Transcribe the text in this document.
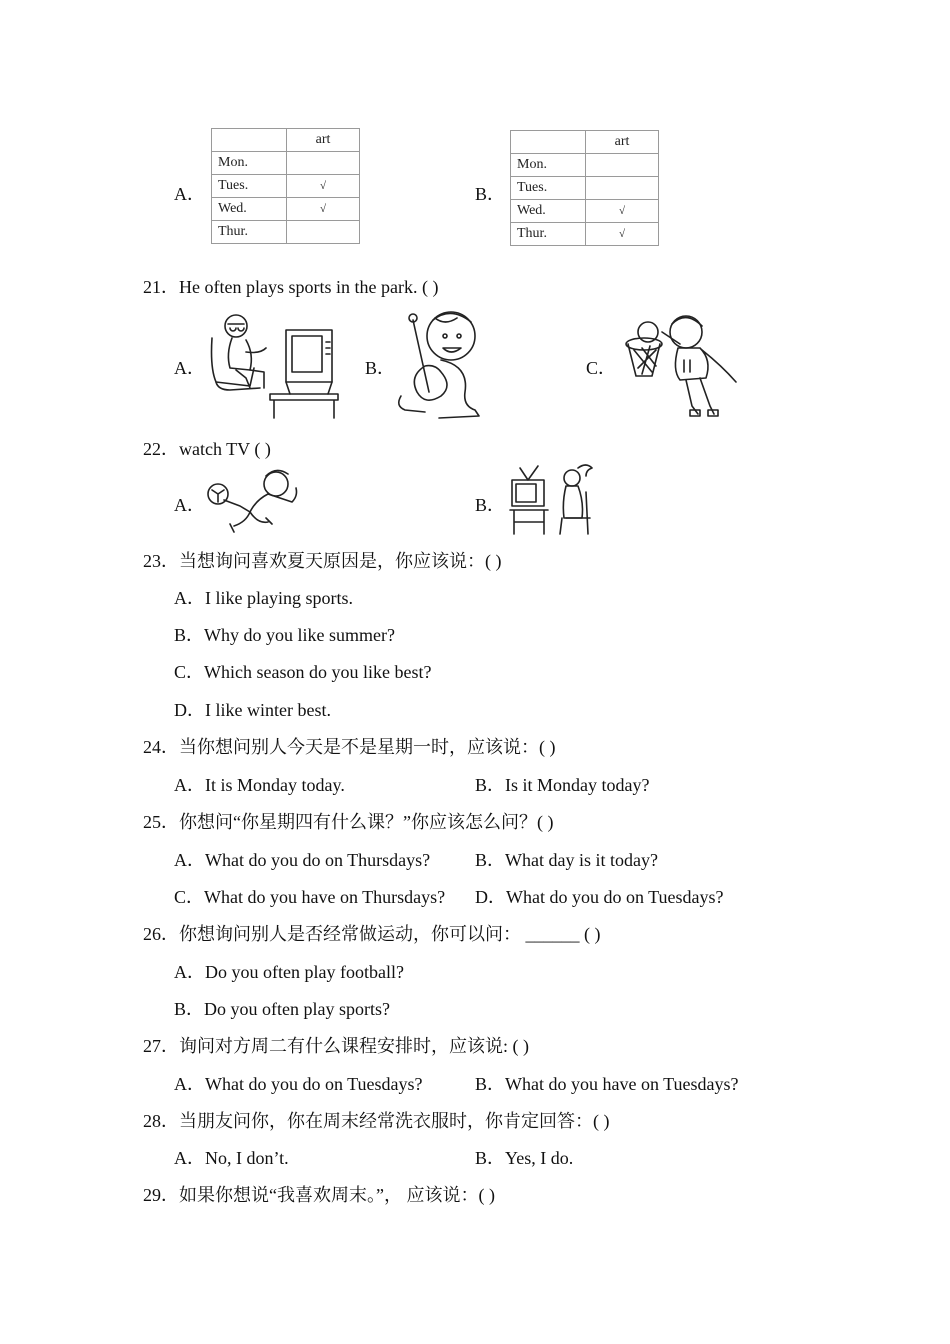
A．
	art
Mon.	
Tues.	√
Wed.	√
Thur.	
B．
	art
Mon.	
Tues.	
Wed.	√
Thur.	√
21．He often plays sports in the park. ( )
A．	B．	C．
22．watch TV ( )
A．	B．
23．当想询问喜欢夏天原因是，你应该说：( )
A．I like playing sports.
B．Why do you like summer?
C．Which season do you like best?
D．I like winter best.
24．当你想问别人今天是不是星期一时，应该说：( )
A．It is Monday today.	B．Is it Monday today?
25．你想问“你星期四有什么课？”你应该怎么问？( )
A．What do you do on Thursdays? B．What day is it today?
C．What do you have on Thursdays? D．What do you do on Tuesdays?
26．你想询问别人是否经常做运动，你可以问： ______ ( )
A．Do you often play football?
B．Do you often play sports?
27．询问对方周二有什么课程安排时，应该说: ( )
A．What do you do on Tuesdays?	B．What do you have on Tuesdays?
28．当朋友问你，你在周末经常洗衣服时，你肯定回答：( )
A．No, I don’t.	B．Yes, I do.
29．如果你想说“我喜欢周末。”， 应该说：( )
